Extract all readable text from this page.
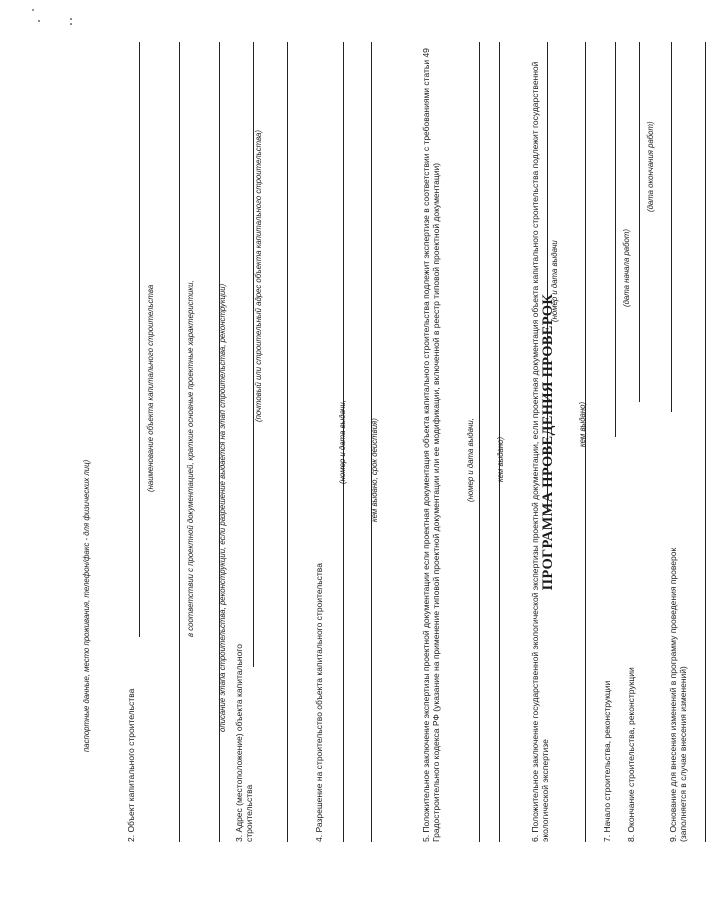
паспортные данные, место проживания, телефон/факс - для физических лиц)
2. Объект капитального строительства
(наименование объекта капитального строительства	в соответствии с проектной документацией, краткие основные проектные характеристики,	описание этапа строительства, реконструкции, если разрешение выдается на этап строительства, реконструкции)
3. Адрес (местоположение) объекта капитального
строительства
(почтовый или строительный адрес объекта капитального строительства)
4. Разрешение на строительство объекта капитального строительства
(номер и дата выдачи,	кем выдано, срок действия)	5. Положительное заключение экспертизы проектной документации если проектная документация объекта капитального строительства подлежит экспертизе в соответствии с требованиями статьи 49 Градостроительного кодекса РФ (указание на применение типовой проектной документации или ее модификации, включенной в реестр типовой проектной документации)	(номер и дата выдачи,	кем выдано)	6. Положительное заключение государственной экологической экспертизы проектной документации, если проектная документация объекта капитального строительства подлежит государственной экологической экспертизе
(номер и дата выдачи
кем выдано)
7. Начало строительства, реконструкции
(дата начала работ)
8. Окончание строительства, реконструкции
(дата окончания работ)
9. Основание для внесения изменений в программу проведения проверок
(заполняется в случае внесения изменений)
ПРОГРАММА ПРОВЕДЕНИЯ ПРОВЕРОК
